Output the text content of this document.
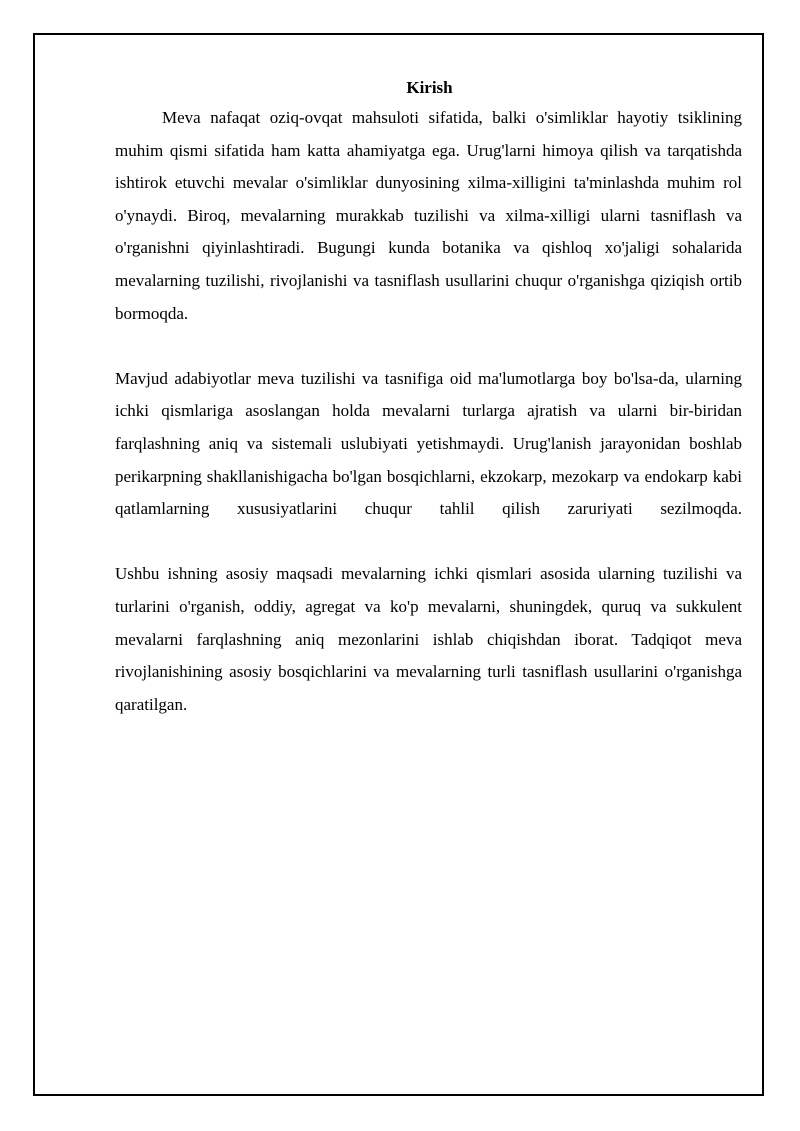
Kirish

Meva nafaqat oziq-ovqat mahsuloti sifatida, balki o'simliklar hayotiy tsiklining muhim qismi sifatida ham katta ahamiyatga ega. Urug'larni himoya qilish va tarqatishda ishtirok etuvchi mevalar o'simliklar dunyosining xilma-xilligini ta'minlashda muhim rol o'ynaydi. Biroq, mevalarning murakkab tuzilishi va xilma-xilligi ularni tasniflash va o'rganishni qiyinlashtiradi. Bugungi kunda botanika va qishloq xo'jaligi sohalarida mevalarning tuzilishi, rivojlanishi va tasniflash usullarini chuqur o'rganishga qiziqish ortib bormoqda.

Mavjud adabiyotlar meva tuzilishi va tasnifiga oid ma'lumotlarga boy bo'lsa-da, ularning ichki qismlariga asoslangan holda mevalarni turlarga ajratish va ularni bir-biridan farqlashning aniq va sistemali uslubiyati yetishmaydi. Urug'lanish jarayonidan boshlab perikarpning shakllanishigacha bo'lgan bosqichlarni, ekzokarp, mezokarp va endokarp kabi qatlamlarning xususiyatlarini chuqur tahlil qilish zaruriyati sezilmoqda.

Ushbu ishning asosiy maqsadi mevalarning ichki qismlari asosida ularning tuzilishi va turlarini o'rganish, oddiy, agregat va ko'p mevalarni, shuningdek, quruq va sukkulent mevalarni farqlashning aniq mezonlarini ishlab chiqishdan iborat. Tadqiqot meva rivojlanishining asosiy bosqichlarini va mevalarning turli tasniflash usullarini o'rganishga qaratilgan.
